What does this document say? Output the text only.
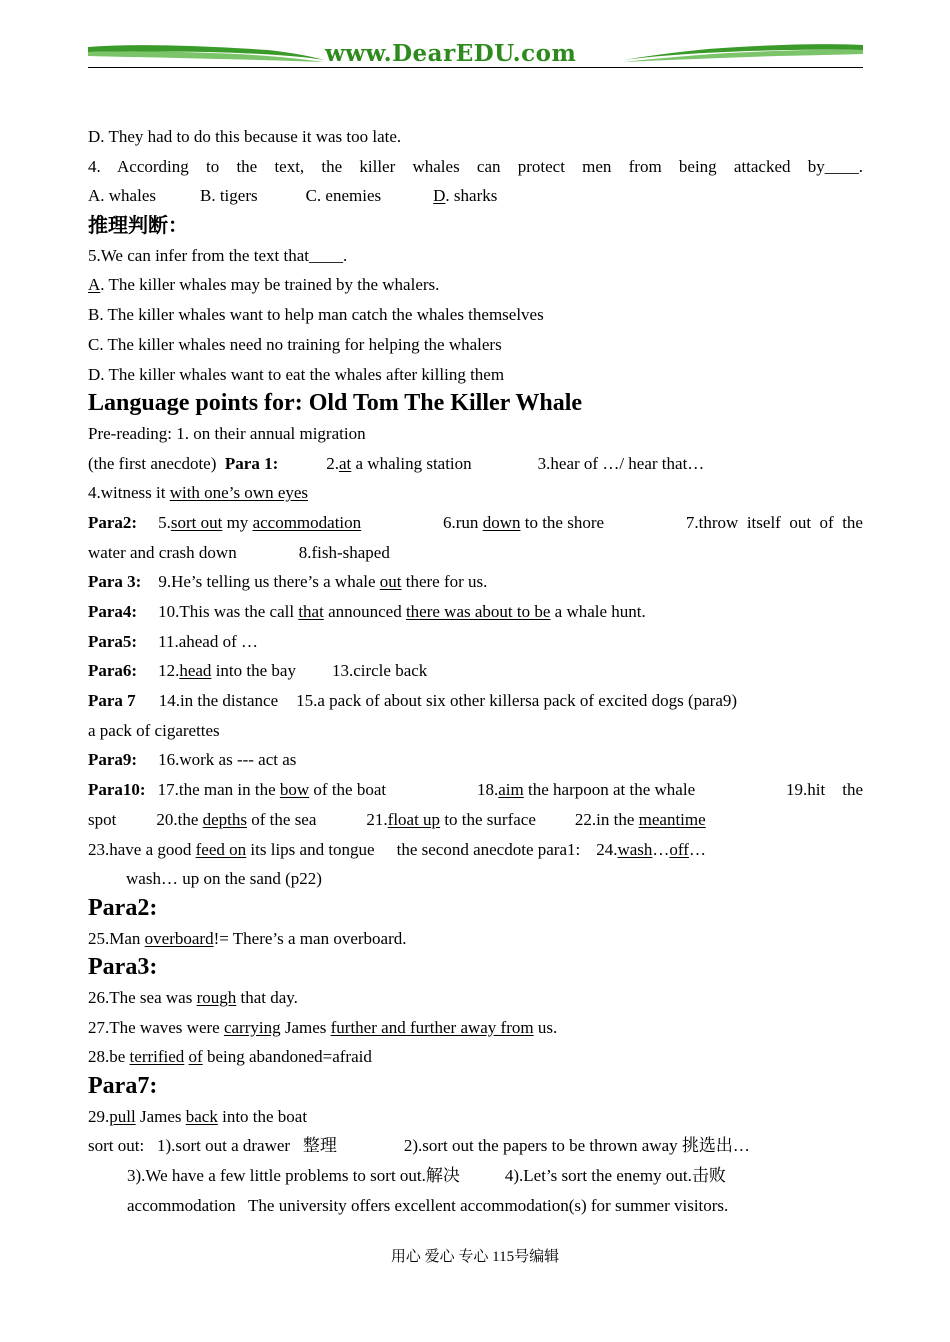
www.DearEDU.com
D. They had to do this because it was too late.
4. According to the text, the killer whales can protect men from being attacked by____.
A. whales	B. tigers	C. enemies	D. sharks
推理判断：
5.We can infer from the text that____.
A. The killer whales may be trained by the whalers.
B. The killer whales want to help man catch the whales themselves
C. The killer whales need no training for helping the whalers
D. The killer whales want to eat the whales after killing them
Language points for: Old Tom The Killer Whale
Pre-reading: 1. on their annual migration
(the first anecdote) Para 1:	2.at a whaling station	3.hear of …/ hear that…
4.witness it with one’s own eyes
Para2: 5.sort out my accommodation	6.run down to the shore	7.throw  itself  out  of  the
water and crash down	8.fish-shaped
Para 3: 9.He’s telling us there’s a whale out there for us.
Para4: 10.This was the call that announced there was about to be a whale hunt.
Para5: 11.ahead of …
Para6: 12.head into the bay 13.circle back
Para 7 14.in the distance 15.a pack of about six other killersa pack of excited dogs (para9)
a pack of cigarettes
Para9: 16.work as --- act as
Para10: 17.the man in the bow of the boat	18.aim the harpoon at the whale	19.hit    the
spot 20.the depths of the sea	21.float up to the surface 22.in the meantime
23.have a good feed on its lips and tongue the second anecdote para1: 24.wash…off…
wash… up on the sand (p22)
Para2:
25.Man overboard!= There’s a man overboard.
Para3:
26.The sea was rough that day.
27.The waves were carrying James further and further away from us.
28.be terrified of being abandoned=afraid
Para7:
29.pull James back into the boat
sort out:   1).sort out a drawer   整理	2).sort out the papers to be thrown away 挑选出…
3).We have a few little problems to sort out.解决	4).Let’s sort the enemy out.击败
accommodation   The university offers excellent accommodation(s) for summer visitors.
用心 爱心 专心 115号编辑
